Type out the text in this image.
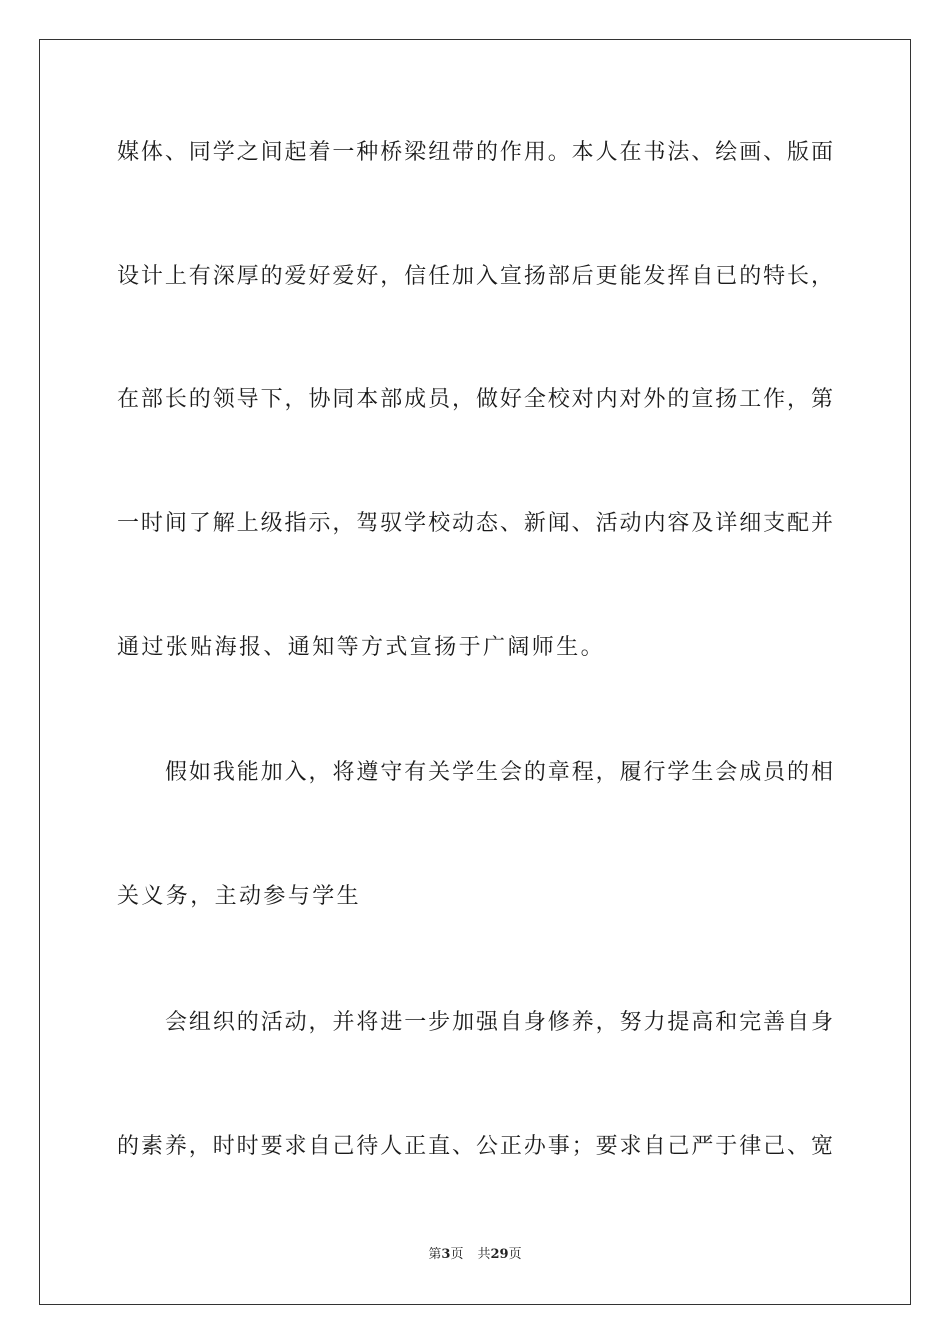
媒体、同学之间起着一种桥梁纽带的作用。本人在书法、绘画、版面
设计上有深厚的爱好爱好，信任加入宣扬部后更能发挥自已的特长，
在部长的领导下，协同本部成员，做好全校对内对外的宣扬工作，第
一时间了解上级指示，驾驭学校动态、新闻、活动内容及详细支配并
通过张贴海报、通知等方式宣扬于广阔师生。
假如我能加入，将遵守有关学生会的章程，履行学生会成员的相
关义务，主动参与学生
会组织的活动，并将进一步加强自身修养，努力提高和完善自身
的素养，时时要求自己待人正直、公正办事；要求自己严于律己、宽
第3页 共29页
